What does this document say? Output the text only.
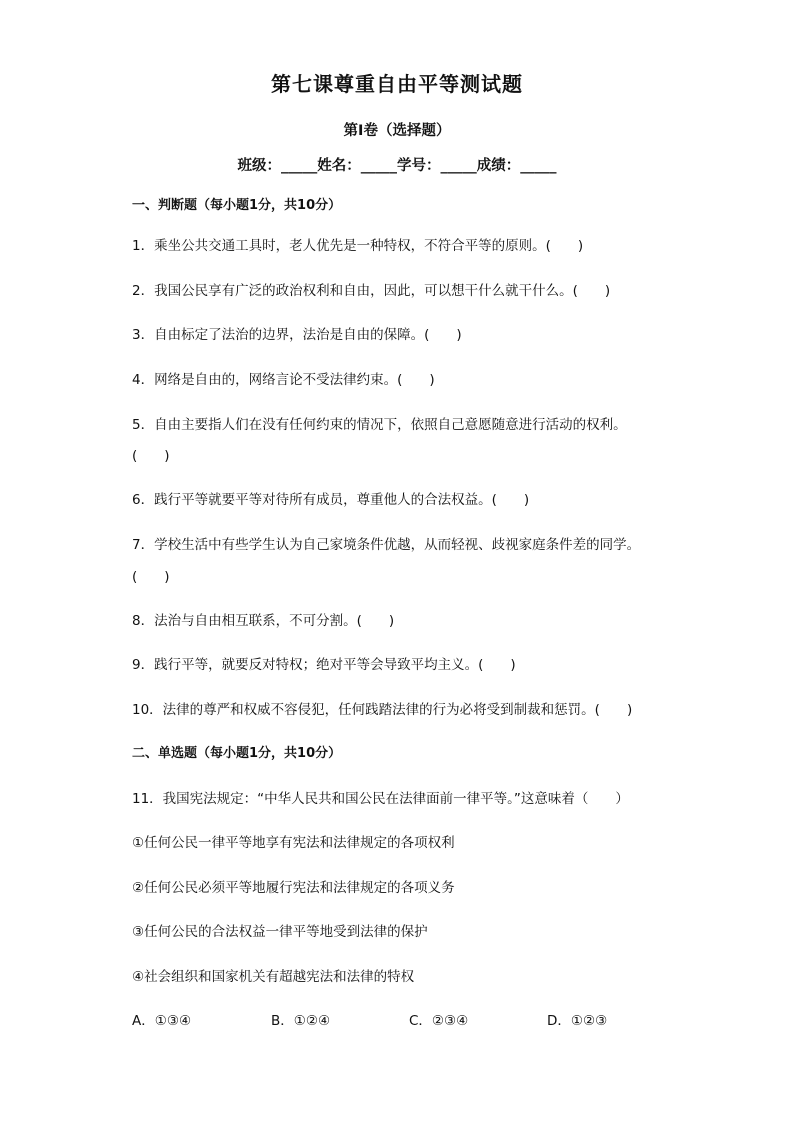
第七课尊重自由平等测试题
第Ⅰ卷（选择题）
班级：_____姓名：_____学号：_____成绩：_____
一、判断题（每小题1分，共10分）
1．乘坐公共交通工具时，老人优先是一种特权，不符合平等的原则。(　　)
2．我国公民享有广泛的政治权利和自由，因此，可以想干什么就干什么。(　　)
3．自由标定了法治的边界，法治是自由的保障。(　　)
4．网络是自由的，网络言论不受法律约束。(　　)
5．自由主要指人们在没有任何约束的情况下，依照自己意愿随意进行活动的权利。
(　　)
6．践行平等就要平等对待所有成员，尊重他人的合法权益。(　　)
7．学校生活中有些学生认为自己家境条件优越，从而轻视、歧视家庭条件差的同学。
(　　)
8．法治与自由相互联系，不可分割。(　　)
9．践行平等，就要反对特权；绝对平等会导致平均主义。(　　)
10．法律的尊严和权威不容侵犯，任何践踏法律的行为必将受到制裁和惩罚。(　　)
二、单选题（每小题1分，共10分）
11．我国宪法规定：“中华人民共和国公民在法律面前一律平等。”这意味着（　　）
①任何公民一律平等地享有宪法和法律规定的各项权利
②任何公民必须平等地履行宪法和法律规定的各项义务
③任何公民的合法权益一律平等地受到法律的保护
④社会组织和国家机关有超越宪法和法律的特权
A．①③④	B．①②④	C．②③④	D．①②③
